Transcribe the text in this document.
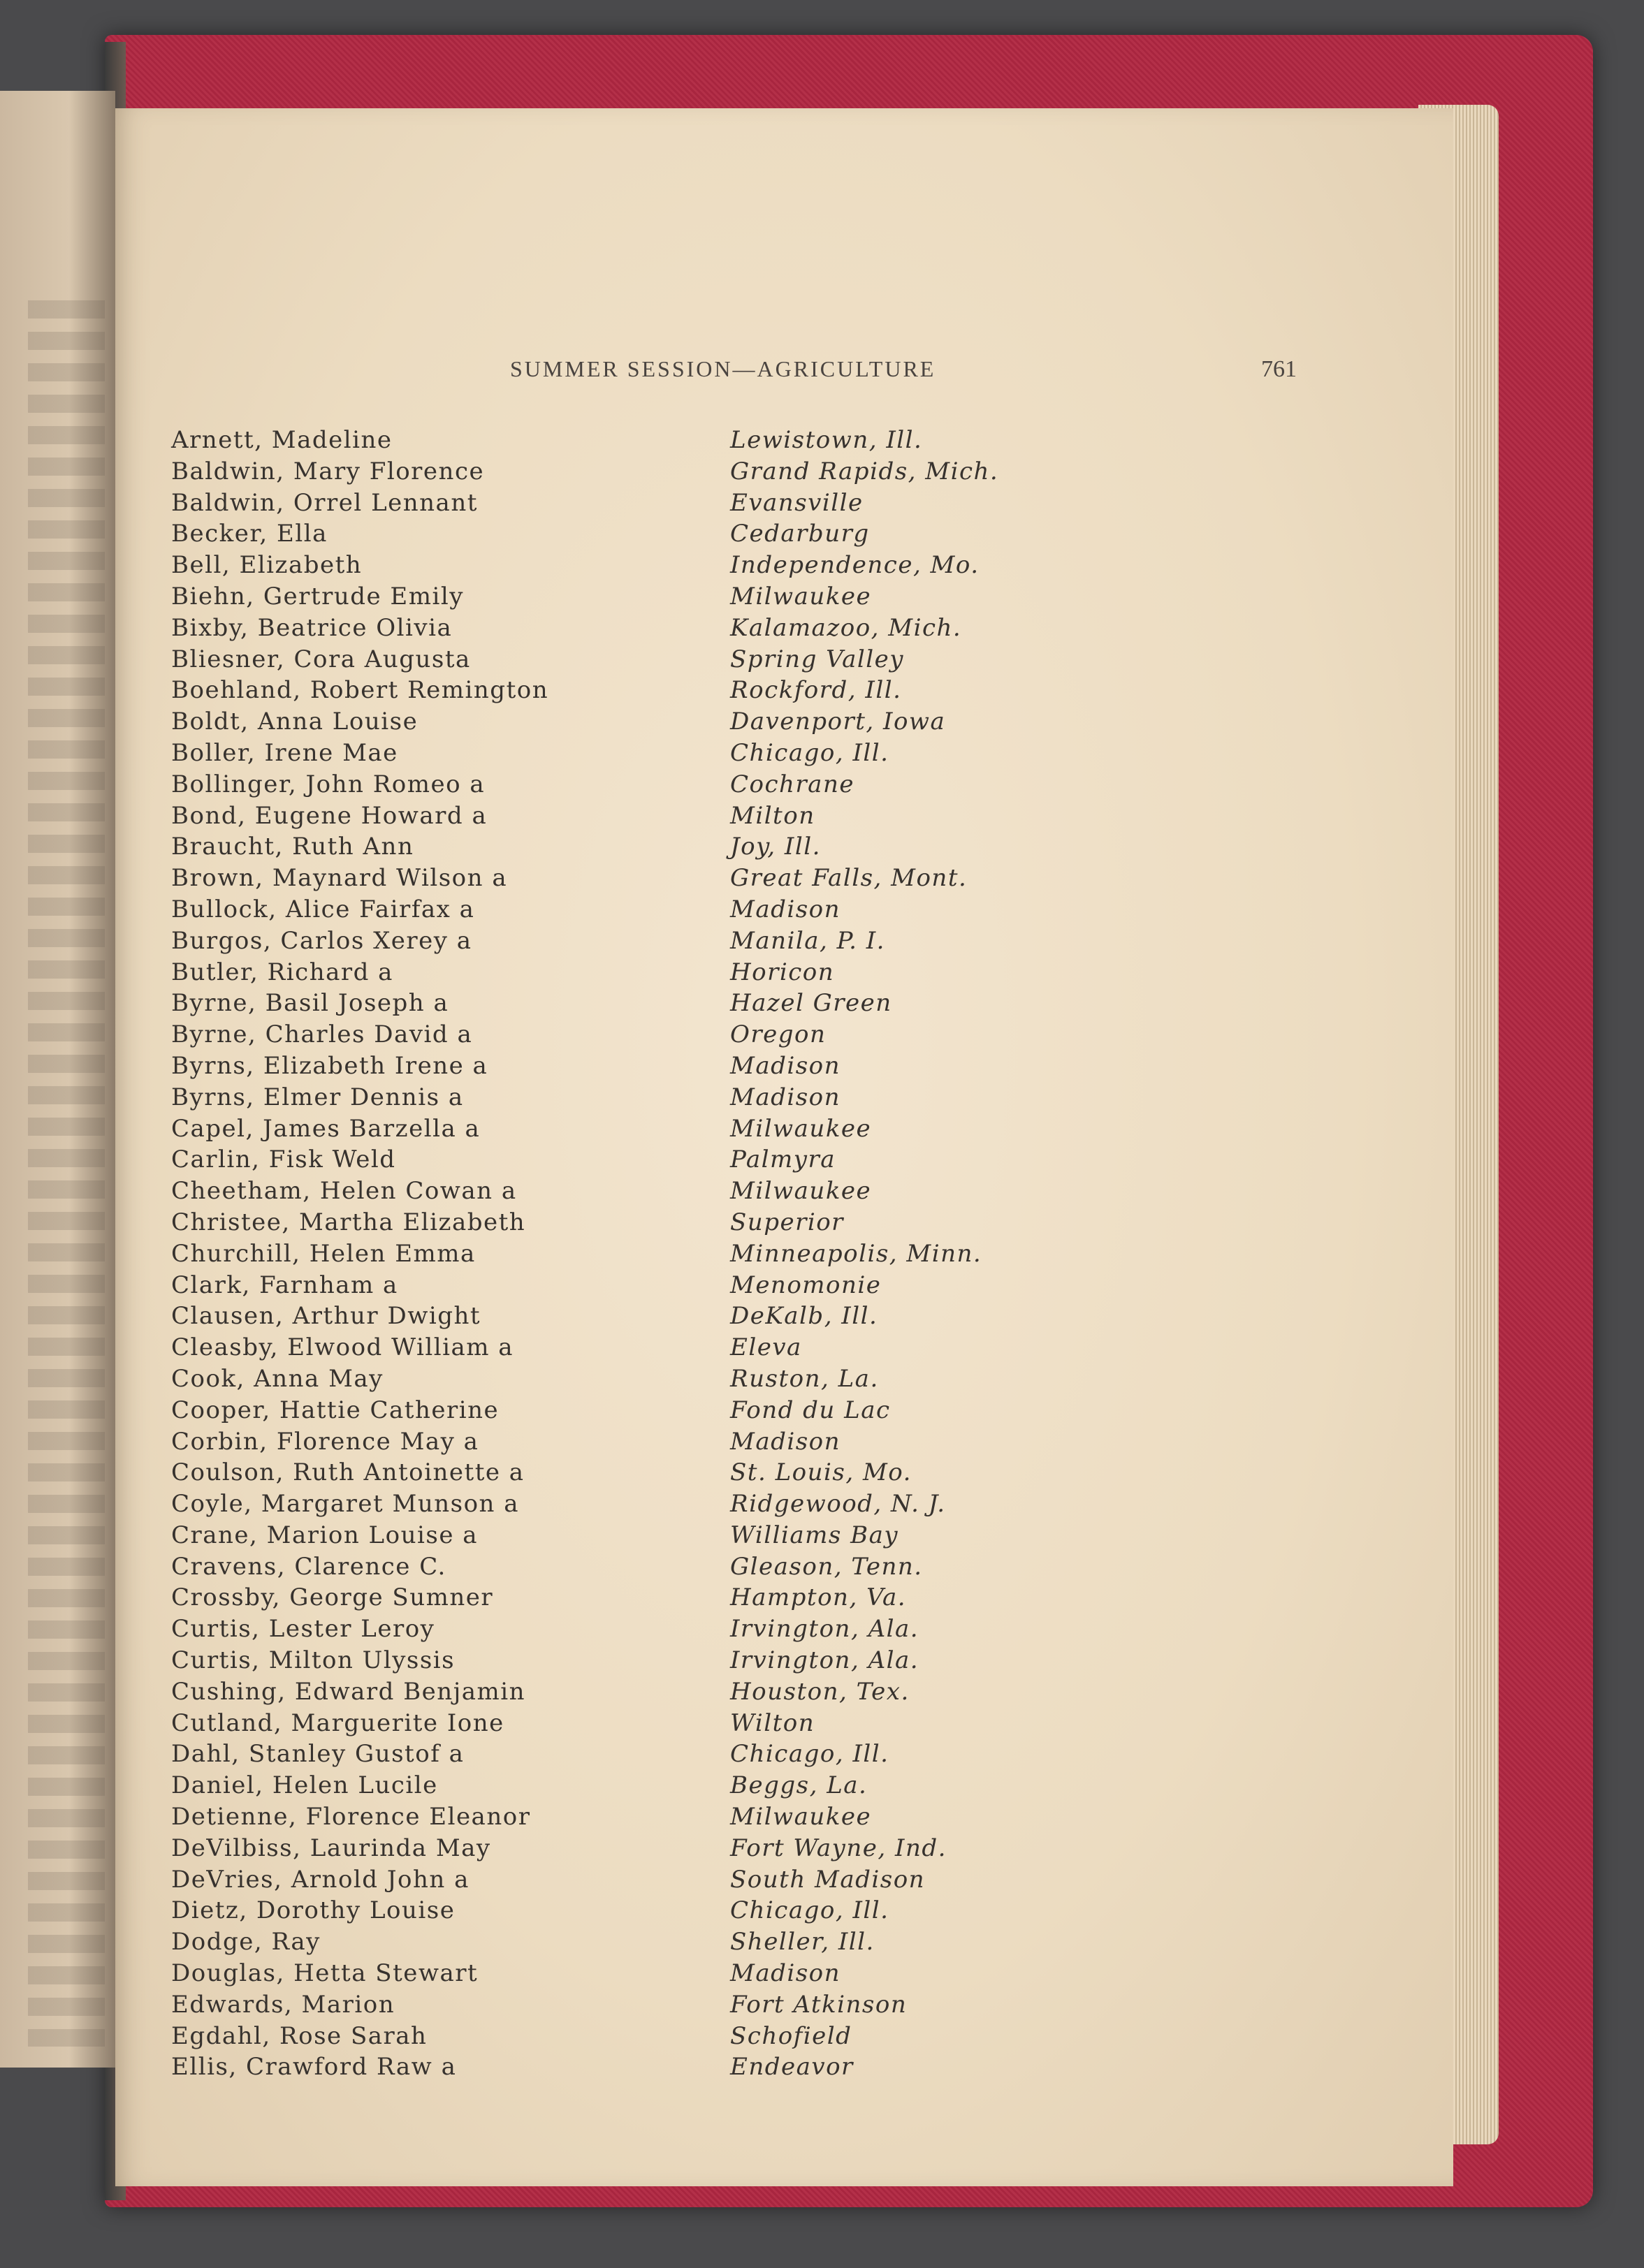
SUMMER SESSION—AGRICULTURE	761
Arnett, Madeline	Lewistown, Ill.
Baldwin, Mary Florence	Grand Rapids, Mich.
Baldwin, Orrel Lennant	Evansville
Becker, Ella	Cedarburg
Bell, Elizabeth	Independence, Mo.
Biehn, Gertrude Emily	Milwaukee
Bixby, Beatrice Olivia	Kalamazoo, Mich.
Bliesner, Cora Augusta	Spring Valley
Boehland, Robert Remington	Rockford, Ill.
Boldt, Anna Louise	Davenport, Iowa
Boller, Irene Mae	Chicago, Ill.
Bollinger, John Romeo a	Cochrane
Bond, Eugene Howard a	Milton
Braucht, Ruth Ann	Joy, Ill.
Brown, Maynard Wilson a	Great Falls, Mont.
Bullock, Alice Fairfax a	Madison
Burgos, Carlos Xerey a	Manila, P. I.
Butler, Richard a	Horicon
Byrne, Basil Joseph a	Hazel Green
Byrne, Charles David a	Oregon
Byrns, Elizabeth Irene a	Madison
Byrns, Elmer Dennis a	Madison
Capel, James Barzella a	Milwaukee
Carlin, Fisk Weld	Palmyra
Cheetham, Helen Cowan a	Milwaukee
Christee, Martha Elizabeth	Superior
Churchill, Helen Emma	Minneapolis, Minn.
Clark, Farnham a	Menomonie
Clausen, Arthur Dwight	DeKalb, Ill.
Cleasby, Elwood William a	Eleva
Cook, Anna May	Ruston, La.
Cooper, Hattie Catherine	Fond du Lac
Corbin, Florence May a	Madison
Coulson, Ruth Antoinette a	St. Louis, Mo.
Coyle, Margaret Munson a	Ridgewood, N. J.
Crane, Marion Louise a	Williams Bay
Cravens, Clarence C.	Gleason, Tenn.
Crossby, George Sumner	Hampton, Va.
Curtis, Lester Leroy	Irvington, Ala.
Curtis, Milton Ulyssis	Irvington, Ala.
Cushing, Edward Benjamin	Houston, Tex.
Cutland, Marguerite Ione	Wilton
Dahl, Stanley Gustof a	Chicago, Ill.
Daniel, Helen Lucile	Beggs, La.
Detienne, Florence Eleanor	Milwaukee
DeVilbiss, Laurinda May	Fort Wayne, Ind.
DeVries, Arnold John a	South Madison
Dietz, Dorothy Louise	Chicago, Ill.
Dodge, Ray	Sheller, Ill.
Douglas, Hetta Stewart	Madison
Edwards, Marion	Fort Atkinson
Egdahl, Rose Sarah	Schofield
Ellis, Crawford Raw a	Endeavor
